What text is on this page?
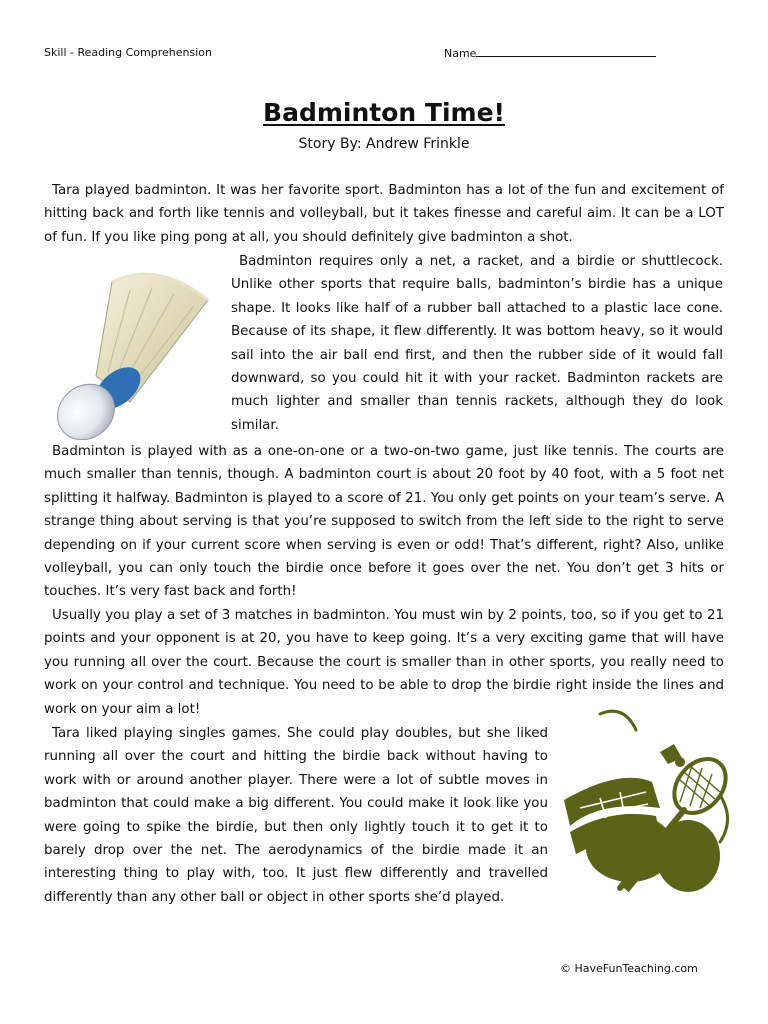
Skill - Reading Comprehension	Name
Badminton Time!
Story By: Andrew Frinkle

Tara played badminton. It was her favorite sport. Badminton has a lot of the fun and excitement of hitting back and forth like tennis and volleyball, but it takes finesse and careful aim. It can be a LOT of fun. If you like ping pong at all, you should definitely give badminton a shot.

Badminton requires only a net, a racket, and a birdie or shuttlecock. Unlike other sports that require balls, badminton’s birdie has a unique shape. It looks like half of a rubber ball attached to a plastic lace cone. Because of its shape, it flew differently. It was bottom heavy, so it would sail into the air ball end first, and then the rubber side of it would fall downward, so you could hit it with your racket. Badminton rackets are much lighter and smaller than tennis rackets, although they do look similar.

Badminton is played with as a one-on-one or a two-on-two game, just like tennis. The courts are much smaller than tennis, though. A badminton court is about 20 foot by 40 foot, with a 5 foot net splitting it halfway. Badminton is played to a score of 21. You only get points on your team’s serve. A strange thing about serving is that you’re supposed to switch from the left side to the right to serve depending on if your current score when serving is even or odd! That’s different, right? Also, unlike volleyball, you can only touch the birdie once before it goes over the net. You don’t get 3 hits or touches. It’s very fast back and forth!

Usually you play a set of 3 matches in badminton. You must win by 2 points, too, so if you get to 21 points and your opponent is at 20, you have to keep going. It’s a very exciting game that will have you running all over the court. Because the court is smaller than in other sports, you really need to work on your control and technique. You need to be able to drop the birdie right inside the lines and work on your aim a lot!

Tara liked playing singles games. She could play doubles, but she liked running all over the court and hitting the birdie back without having to work with or around another player. There were a lot of subtle moves in badminton that could make a big different. You could make it look like you were going to spike the birdie, but then only lightly touch it to get it to barely drop over the net. The aerodynamics of the birdie made it an interesting thing to play with, too. It just flew differently and travelled differently than any other ball or object in other sports she’d played.

© HaveFunTeaching.com
